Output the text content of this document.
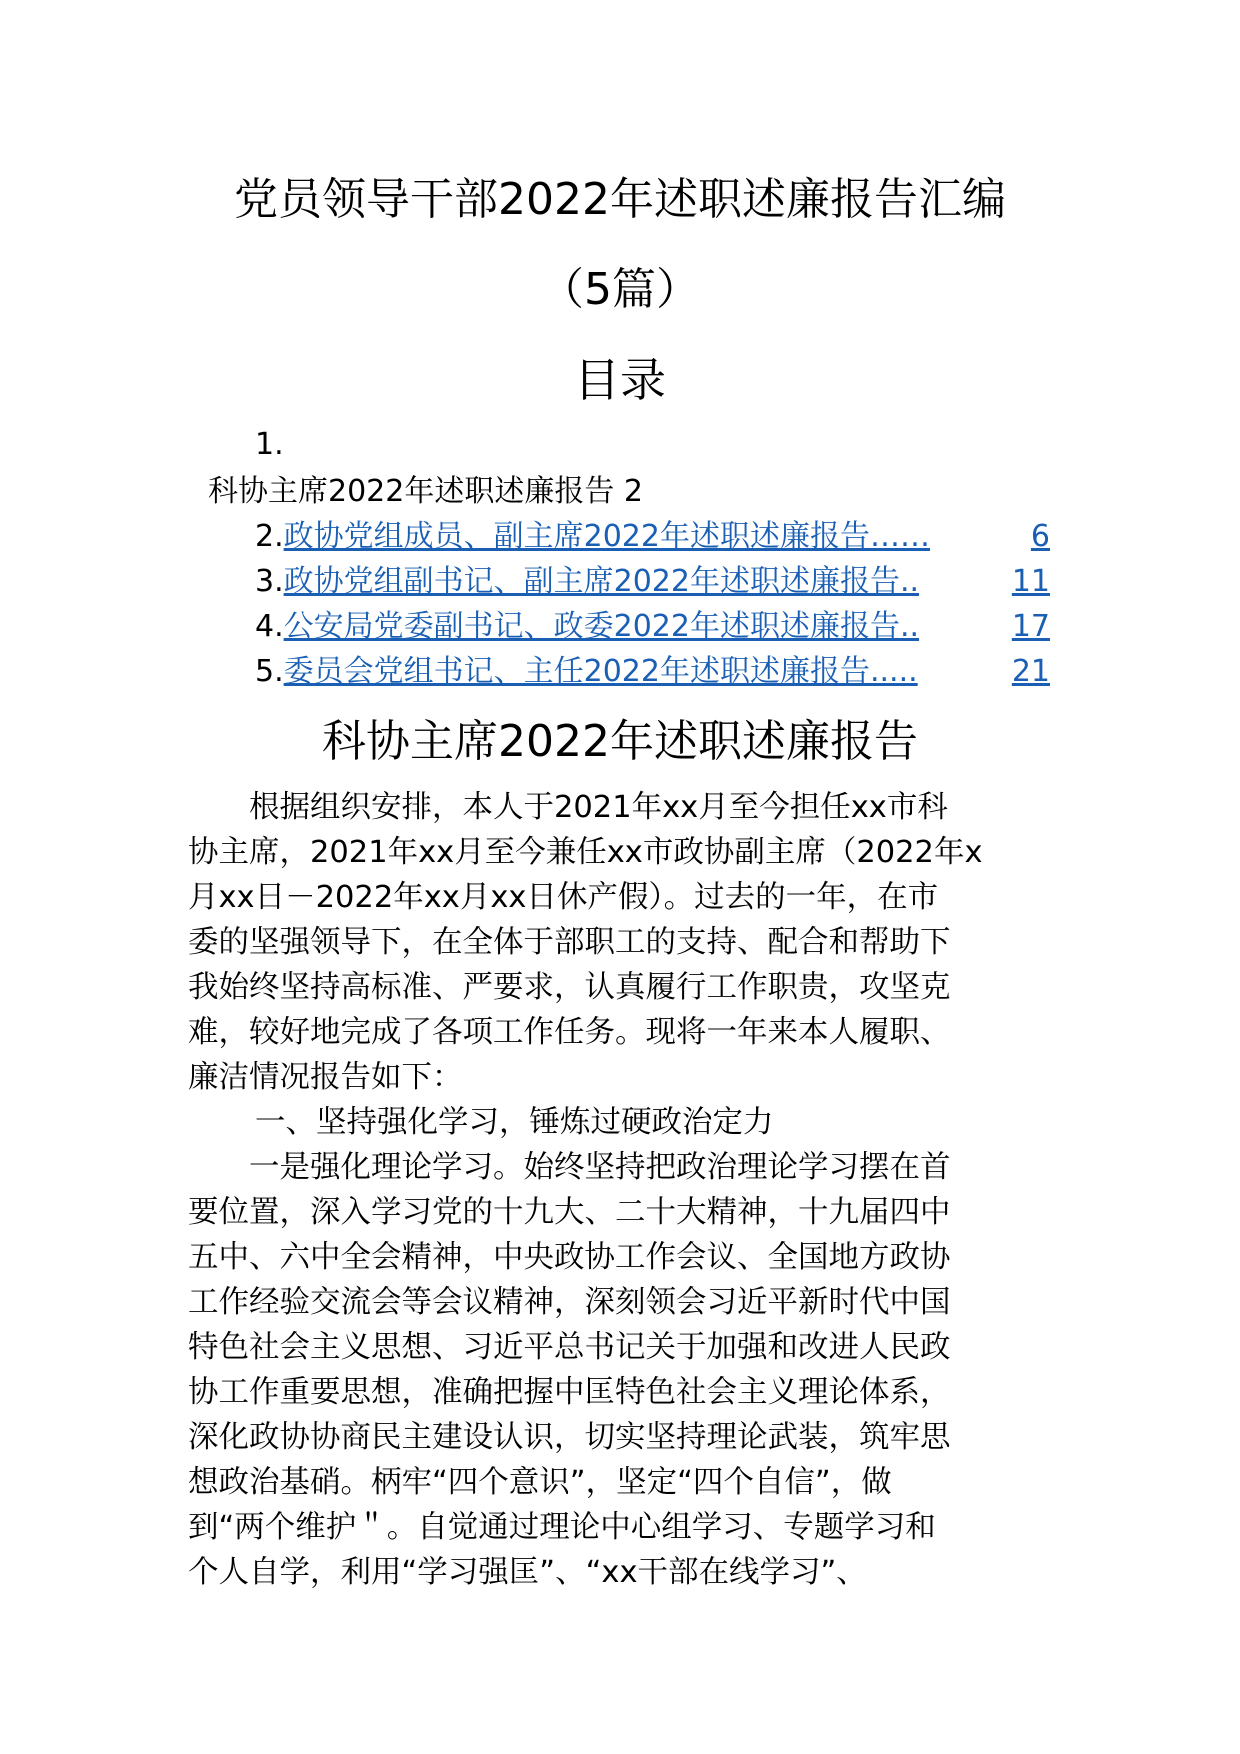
党员领导干部2022年述职述廉报告汇编
（5篇）
目录
1.
科协主席2022年述职述廉报告 2
2. 政协党组成员、副主席2022年述职述廉报告 ……	6
3. 政协党组副书记、副主席2022年述职述廉报告 ..	11
4. 公安局党委副书记、政委2022年述职述廉报告 ..	17
5. 委员会党组书记、主任2022年述职述廉报告 .....	21
科协主席2022年述职述廉报告
　　根据组织安排，本人于2021年xx月至今担任xx市科
协主席，2021年xx月至今兼任xx市政协副主席（2022年x
月xx日－2022年xx月xx日休产假）。过去的一年，在市
委的坚强领导下，在全体于部职工的支持、配合和帮助下
我始终坚持高标准、严要求，认真履行工作职贵，攻坚克
难，较好地完成了各项工作任务。现将一年来本人履职、
廉洁情况报告如下：
一、坚持强化学习，锤炼过硬政治定力
　　一是强化理论学习。始终坚持把政治理论学习摆在首
要位置，深入学习党的十九大、二十大精神，十九届四中
五中、六中全会精神，中央政协工作会议、全国地方政协
工作经验交流会等会议精神，深刻领会习近平新时代中国
特色社会主义思想、习近平总书记关于加强和改进人民政
协工作重要思想，准确把握中匡特色社会主义理论体系，
深化政协协商民主建设认识，切实坚持理论武装，筑牢思
想政治基硝。柄牢“四个意识”，坚定“四个自信”，做
到“两个维护＂。自觉通过理论中心组学习、专题学习和
个人自学，利用“学习强匡”、“xx干部在线学习”、
